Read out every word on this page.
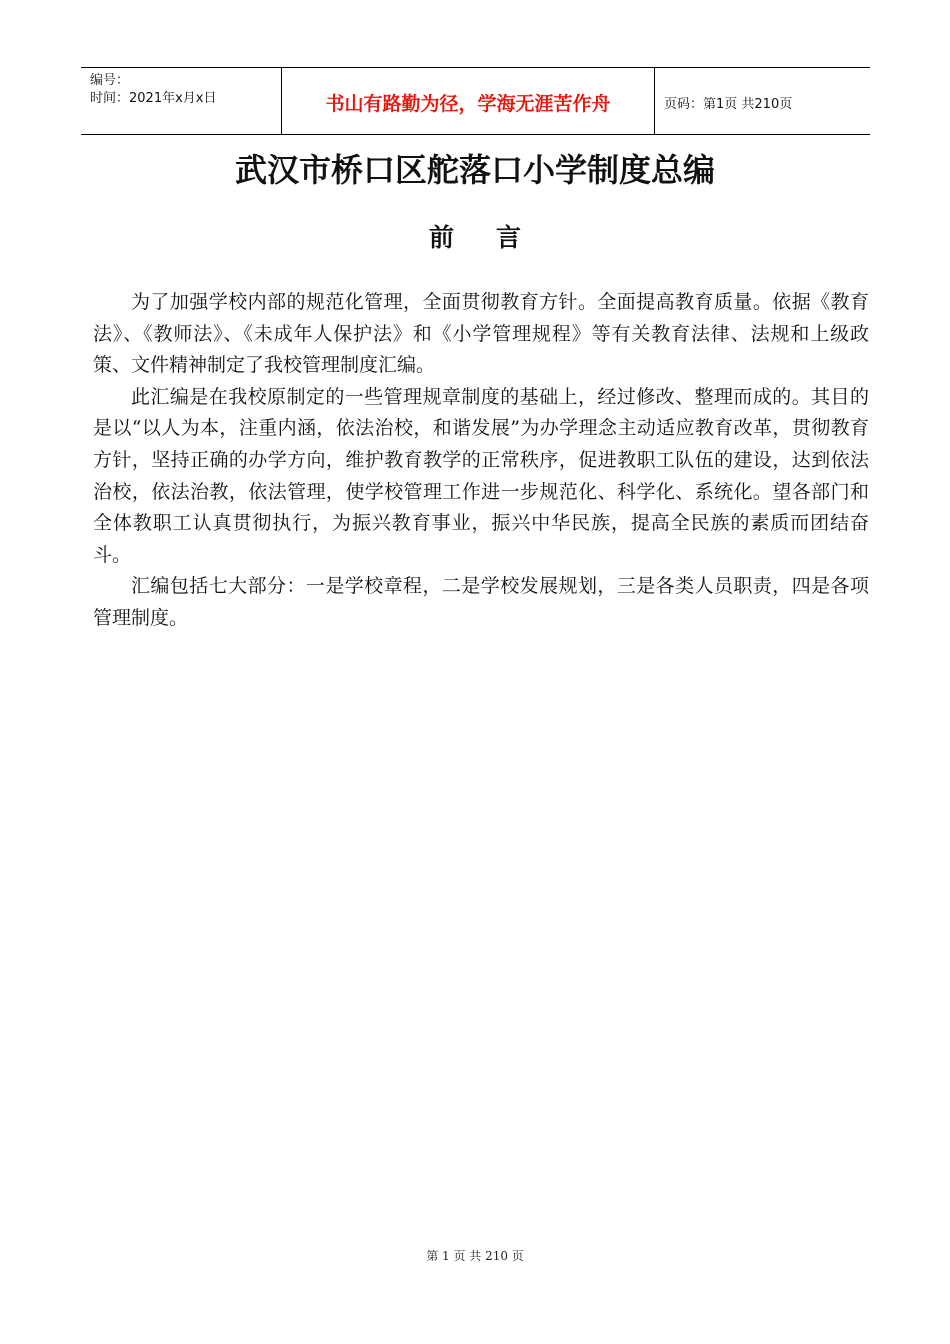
编号：
时间：2021年x月x日	书山有路勤为径，学海无涯苦作舟	页码：第1页 共210页
武汉市桥口区舵落口小学制度总编
前言

为了加强学校内部的规范化管理，全面贯彻教育方针。全面提高教育质量。依据《教育法》、《教师法》、《未成年人保护法》和《小学管理规程》等有关教育法律、法规和上级政策、文件精神制定了我校管理制度汇编。

此汇编是在我校原制定的一些管理规章制度的基础上，经过修改、整理而成的。其目的是以“以人为本，注重内涵，依法治校，和谐发展”为办学理念主动适应教育改革，贯彻教育方针，坚持正确的办学方向，维护教育教学的正常秩序，促进教职工队伍的建设，达到依法治校，依法治教，依法管理，使学校管理工作进一步规范化、科学化、系统化。望各部门和全体教职工认真贯彻执行，为振兴教育事业，振兴中华民族，提高全民族的素质而团结奋斗。

汇编包括七大部分：一是学校章程，二是学校发展规划，三是各类人员职责，四是各项管理制度。

第 1 页 共 210 页
